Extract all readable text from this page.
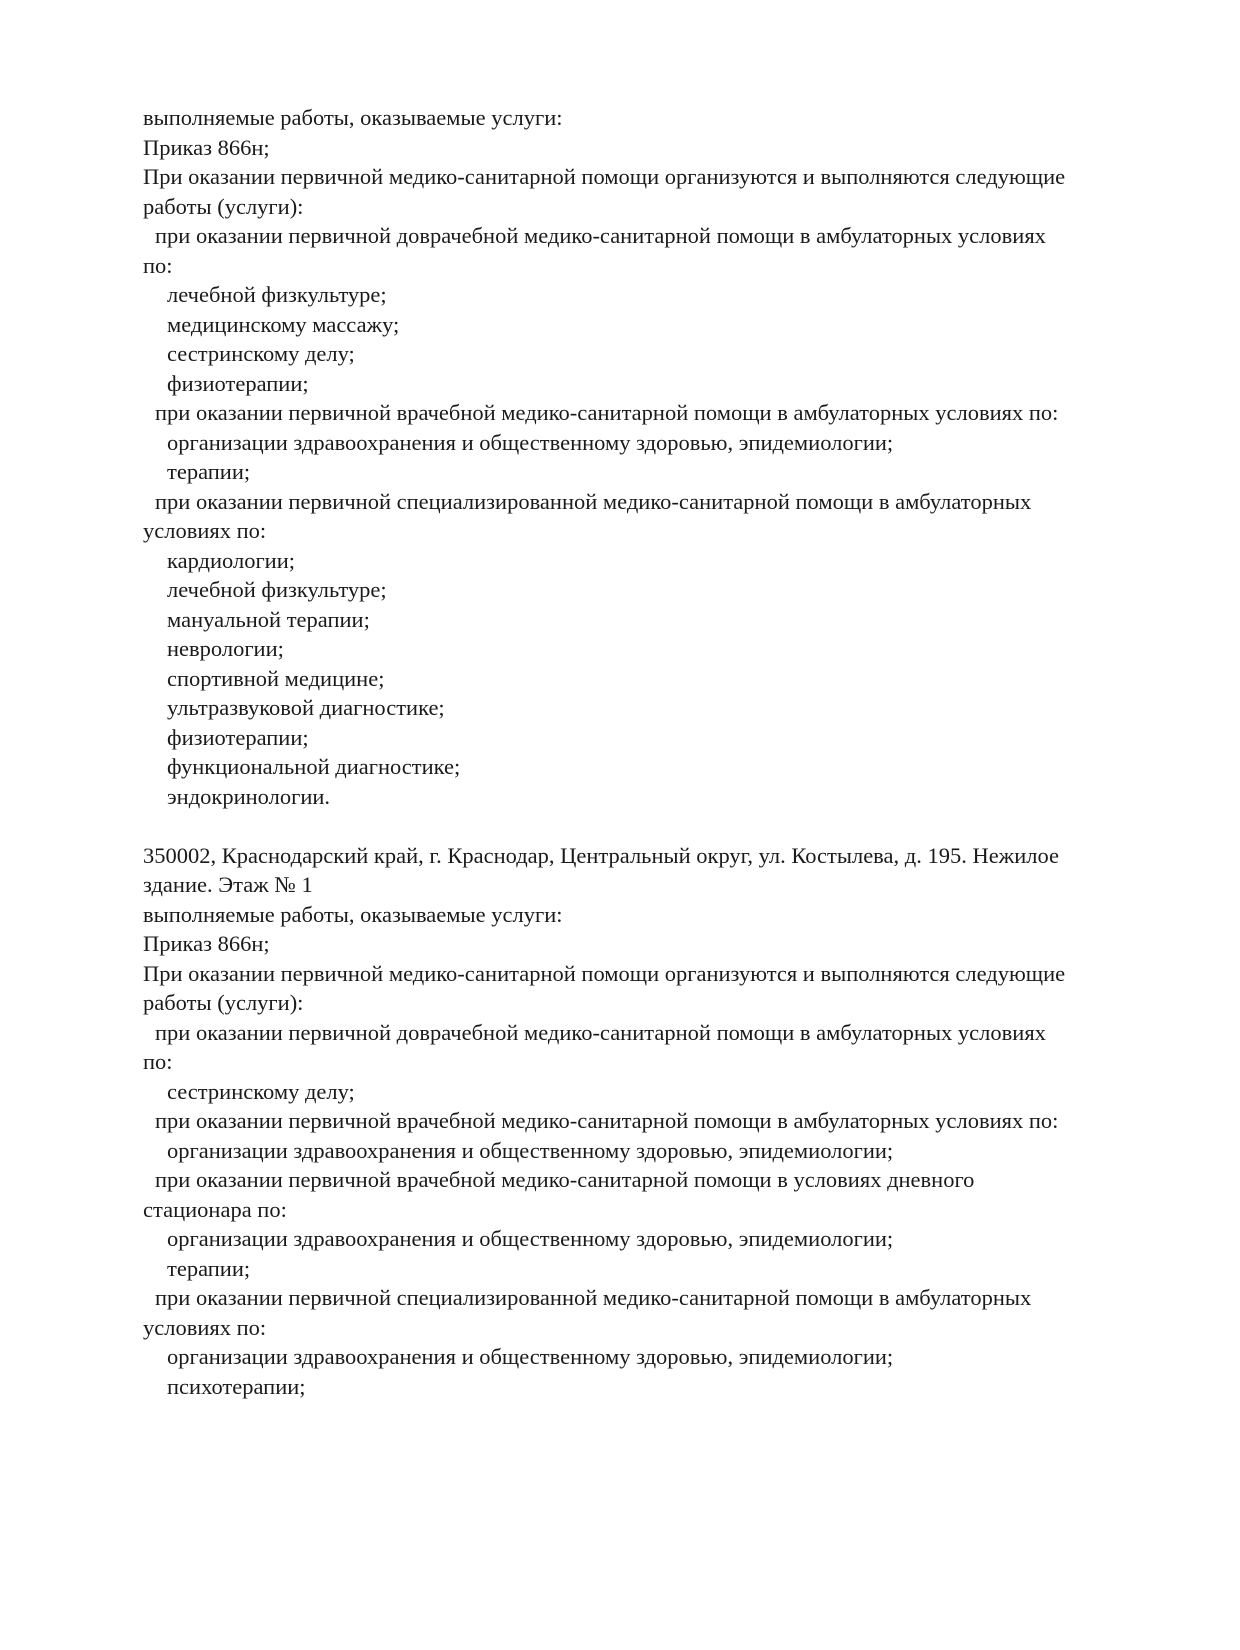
выполняемые работы, оказываемые услуги:
Приказ 866н;
При оказании первичной медико-санитарной помощи организуются и выполняются следующие
работы (услуги):
при оказании первичной доврачебной медико-санитарной помощи в амбулаторных условиях
по:
лечебной физкультуре;
медицинскому массажу;
сестринскому делу;
физиотерапии;
при оказании первичной врачебной медико-санитарной помощи в амбулаторных условиях по:
организации здравоохранения и общественному здоровью, эпидемиологии;
терапии;
при оказании первичной специализированной медико-санитарной помощи в амбулаторных
условиях по:
кардиологии;
лечебной физкультуре;
мануальной терапии;
неврологии;
спортивной медицине;
ультразвуковой диагностике;
физиотерапии;
функциональной диагностике;
эндокринологии.
350002, Краснодарский край, г. Краснодар, Центральный округ, ул. Костылева, д. 195. Нежилое
здание. Этаж № 1
выполняемые работы, оказываемые услуги:
Приказ 866н;
При оказании первичной медико-санитарной помощи организуются и выполняются следующие
работы (услуги):
при оказании первичной доврачебной медико-санитарной помощи в амбулаторных условиях
по:
сестринскому делу;
при оказании первичной врачебной медико-санитарной помощи в амбулаторных условиях по:
организации здравоохранения и общественному здоровью, эпидемиологии;
при оказании первичной врачебной медико-санитарной помощи в условиях дневного
стационара по:
организации здравоохранения и общественному здоровью, эпидемиологии;
терапии;
при оказании первичной специализированной медико-санитарной помощи в амбулаторных
условиях по:
организации здравоохранения и общественному здоровью, эпидемиологии;
психотерапии;
